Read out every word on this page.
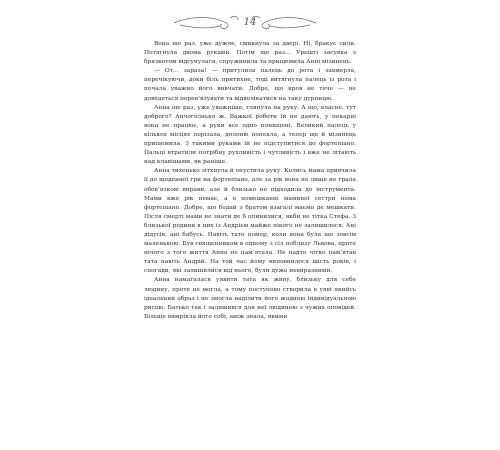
14

Вона ще раз, уже дужче, смикнула за двері. Ні, бракує сили. Потягнула двома руками. Потім ще раз... Урешті засувка з брязкотом відсунулася, спружинила та прищемила Анні мізинець.

— От... зараза! — притулила палець до рота і завмерла, перечікуючи, доки біль притихне, тоді витягнула палець із рота і почала уважно його вивчати. Добре, що кров не тече — не доведеться перев’язувати та відволікатися на таку дурницю.

Анна ще раз, уже уважніше, глянула на руку. А що, власне, тут доброго? Анчогісінько ж. Важкої роботи їй не дають, у пекарні вона не працює, а руки все одно понищені. Великий палець у кількох місцях порізала, долоню попекла, а тепер ще й мізинець прищемила. З такими руками їй не підступитися до фортепіано. Пальці втратили потрібну рухливість і чутливість і вже не літають над клавішами, як раніше.

Анна тихенько зітхнула й опустила руку. Колись мама привчила її до щоденної гри на фортепіано, але за рік вона не лише не грала обов’язкові вправи, але й близько не підходила до інструмента. Мами вже рік немає, а в помешканні маминої сестри нема фортепіано. Добре, що бодай з братом взагалі маємо де мешкати. Після смерті мами не знати де б опинилися, якби не тітка Стефа. З близької родини в них із Андрієм майже нікого не залишилося. Ані дідусів, ані бабусь. Навіть тато помер, коли вона була ще зовсім маленькою. Був священником в одному з сіл поблизу Львова, проте нічого з того життя Анна не пам’ятала. Не надто чітко пам’ятав тата навіть Андрій. На той час йому виповнилося шість років, і спогади, які залишилися від нього, були дуже невиразними.

Анна намагалася уявити тата як живу, близьку для себе людину, проте не могла, а тому поступово створила в уяві якийсь ідеальний образ і не змогла наділити його жодною індивідуальною рисою. Батько так і залишився для неї людиною з чужих оповідей. Більше вимріяла його собі, аніж знала, якими
